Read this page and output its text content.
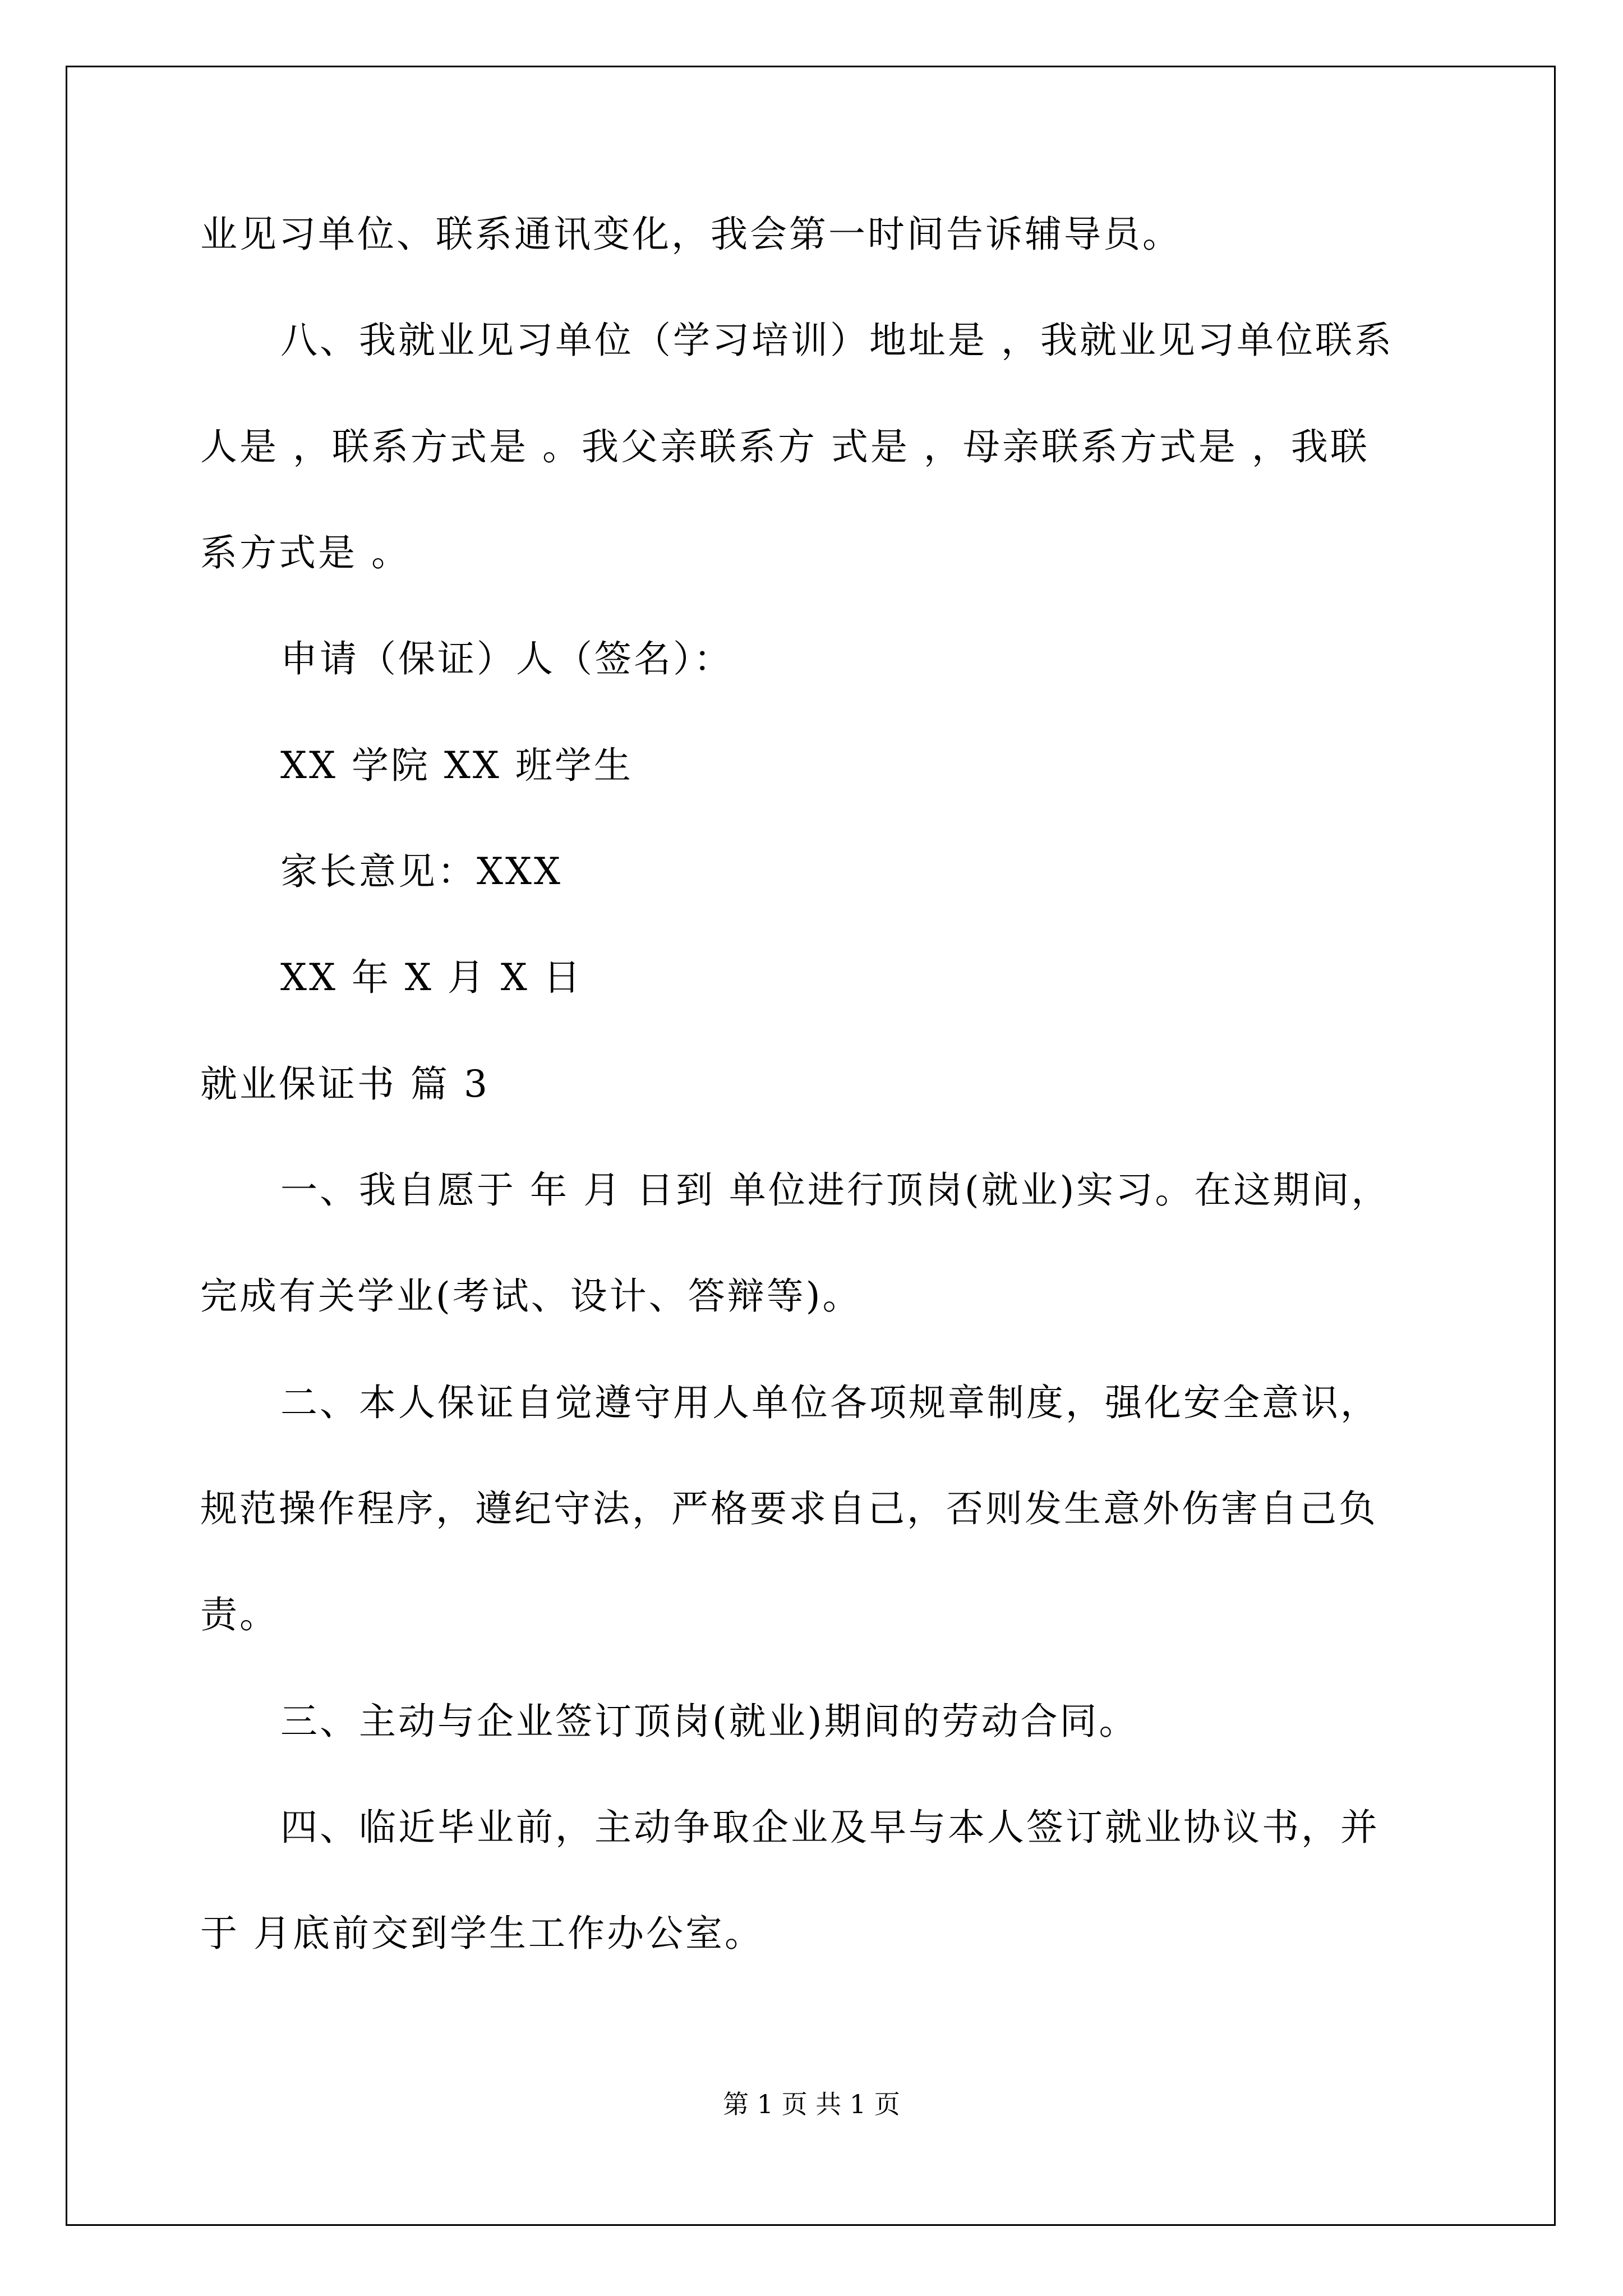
业见习单位、联系通讯变化，我会第一时间告诉辅导员。
八、我就业见习单位（学习培训）地址是 ，我就业见习单位联系
人是 ，联系方式是 。我父亲联系方 式是 ，母亲联系方式是 ，我联
系方式是 。
申请（保证）人（签名）：
XX 学院 XX 班学生
家长意见：XXX
XX 年 X 月 X 日
就业保证书 篇 3
一、我自愿于 年 月 日到 单位进行顶岗(就业)实习。在这期间，
完成有关学业(考试、设计、答辩等)。
二、本人保证自觉遵守用人单位各项规章制度，强化安全意识，
规范操作程序，遵纪守法，严格要求自己，否则发生意外伤害自己负
责。
三、主动与企业签订顶岗(就业)期间的劳动合同。
四、临近毕业前，主动争取企业及早与本人签订就业协议书，并
于 月底前交到学生工作办公室。
第 1 页 共 1 页
